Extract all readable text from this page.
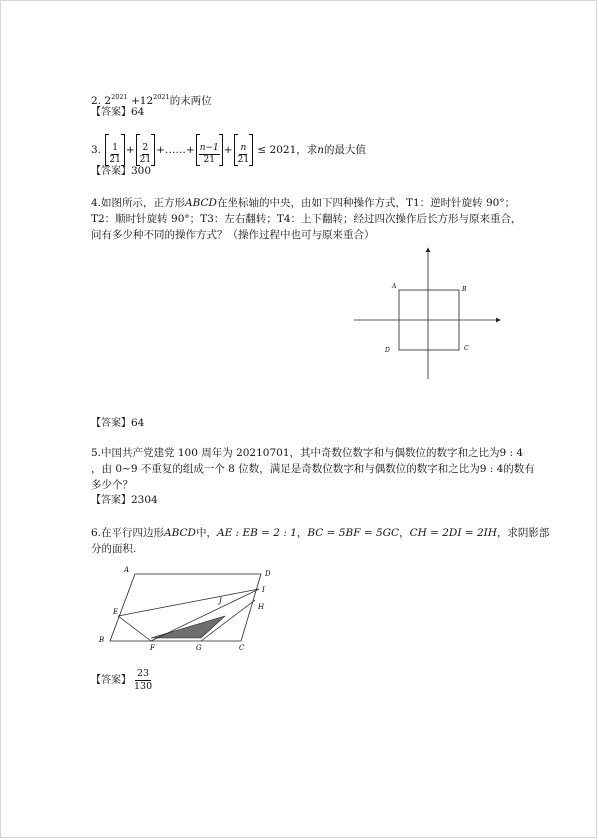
2. $2^{2021} +12^{2021}$的末两位
【答案】64
3. $\frac{1}{21} + \frac{2}{21}$ +……+ $\frac{n-1}{21} + \frac{n}{21} \le 2021$，求n的最大值
【答案】300
4.如图所示，正方形ABCD在坐标轴的中央，由如下四种操作方式，T1：逆时针旋转 90°；
T2：顺时针旋转 90°；T3：左右翻转；T4：上下翻转；经过四次操作后长方形与原来重合，
问有多少种不同的操作方式？（操作过程中也可与原来重合）
A	B
C
D
【答案】64
5.中国共产党建党 100 周年为 20210701，其中奇数位数字和与偶数位的数字和之比为9 : 4
，由 0~9 不重复的组成一个 8 位数，满足是奇数位数字和与偶数位的数字和之比为9 : 4的数有
多少个？
【答案】2304
6.在平行四边形ABCD中，AE : EB = 2 : 1，BC = 5BF = 5GC，CH = 2DI = 2IH，求阴影部
分的面积.
A	D
E
B
F	G	C
I
H
J
【答案】 $\frac{23}{130}$
